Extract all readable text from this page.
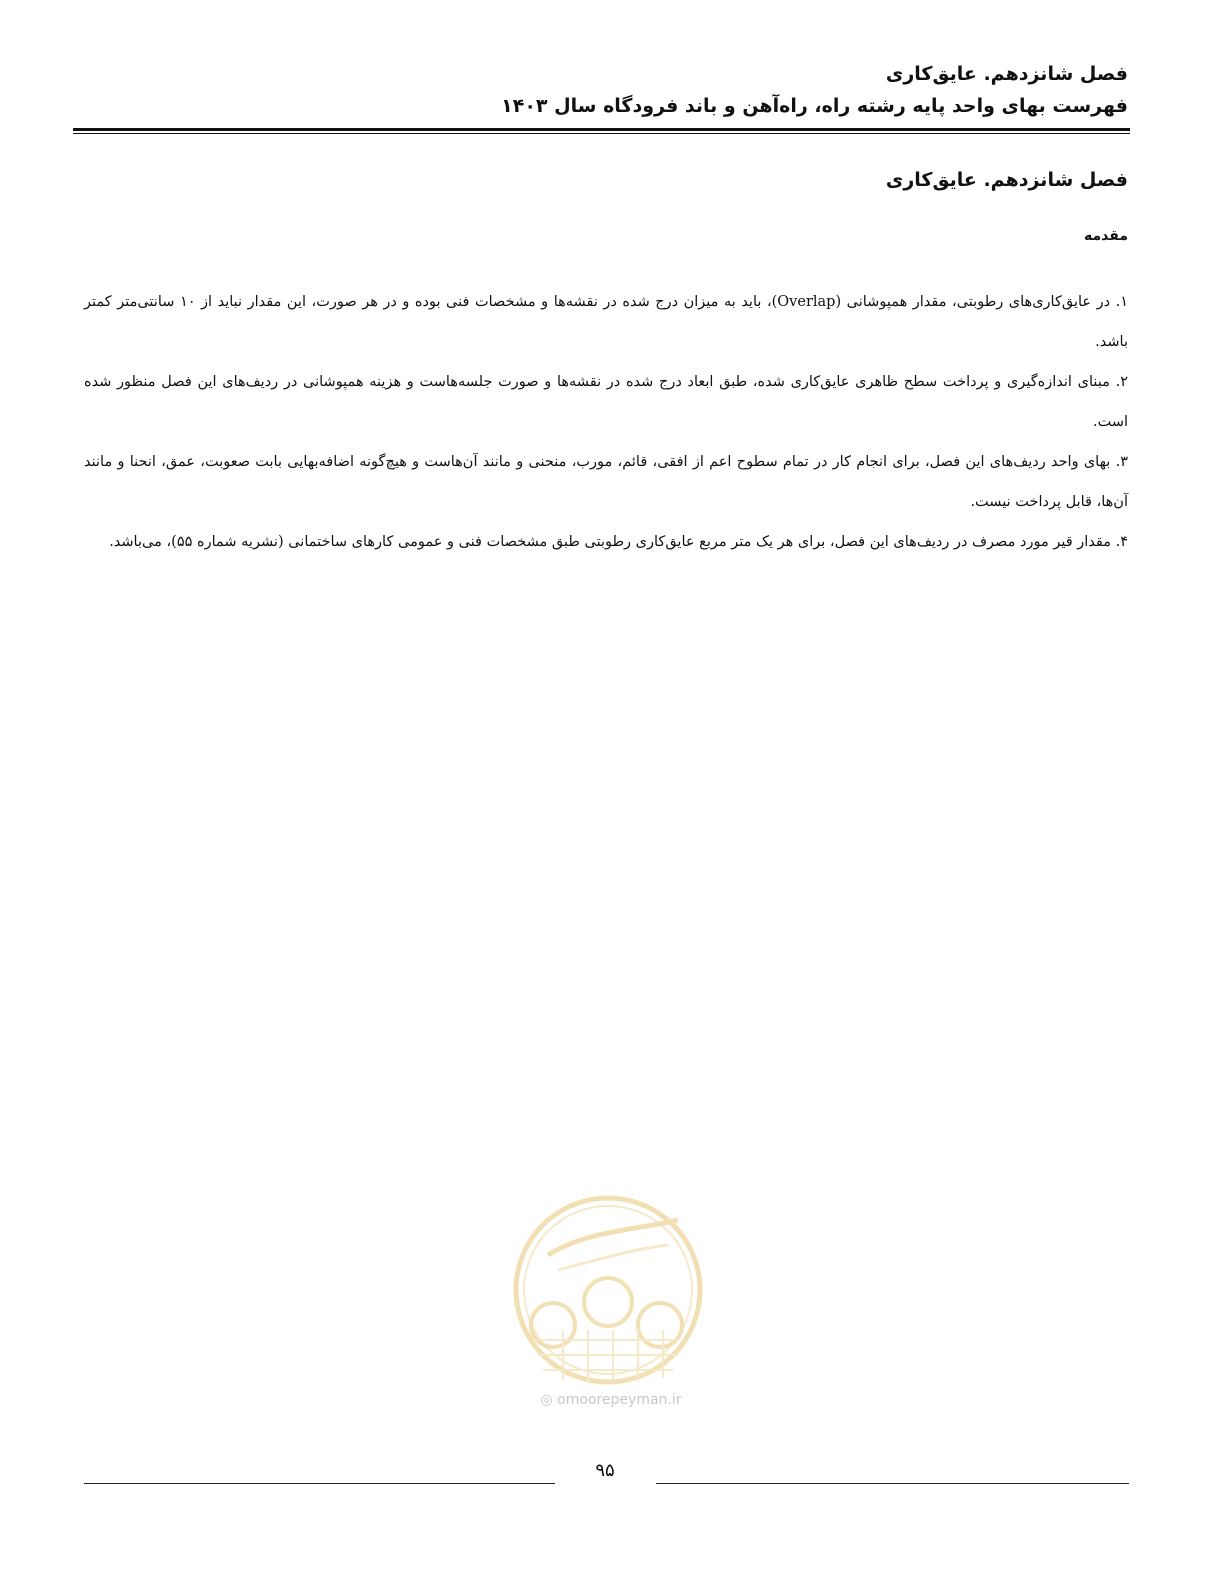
فصل شانزدهم. عایق‌کاری
فهرست بهای واحد پایه رشته راه، راه‌آهن و باند فرودگاه سال ۱۴۰۳
فصل شانزدهم. عایق‌کاری
مقدمه

۱. در عایق‌کاری‌های رطوبتی، مقدار همپوشانی (Overlap)، باید به میزان درج شده در نقشه‌ها و مشخصات فنی بوده و در هر صورت، این مقدار نباید از ۱۰ سانتی‌متر کمتر باشد.

۲. مبنای اندازه‌گیری و پرداخت سطح ظاهری عایق‌کاری شده، طبق ابعاد درج شده در نقشه‌ها و صورت جلسه‌هاست و هزینه همپوشانی در ردیف‌های این فصل منظور شده است.

۳. بهای واحد ردیف‌های این فصل، برای انجام کار در تمام سطوح اعم از افقی، قائم، مورب، منحنی و مانند آن‌هاست و هیچ‌گونه اضافه‌بهایی بابت صعوبت، عمق، انحنا و مانند آن‌ها، قابل پرداخت نیست.

۴. مقدار قیر مورد مصرف در ردیف‌های این فصل، برای هر یک متر مربع عایق‌کاری رطوبتی طبق مشخصات فنی و عمومی کارهای ساختمانی (نشریه شماره ۵۵)، می‌باشد.

◎ omoorepeyman.ir
۹۵
